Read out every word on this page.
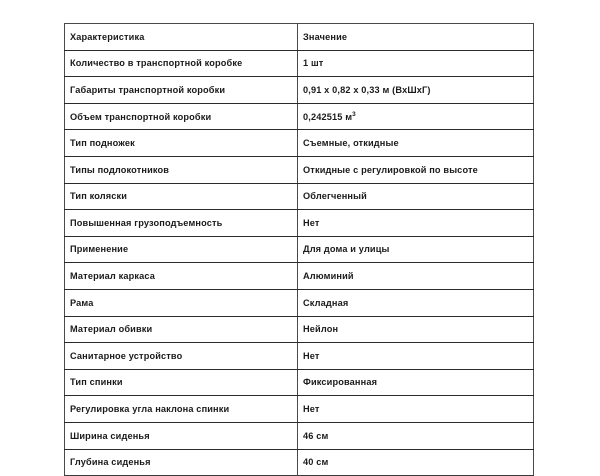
Характеристика	Значение
Количество в транспортной коробке	1 шт
Габариты транспортной коробки	0,91 x 0,82 x 0,33 м (ВxШxГ)
Объем транспортной коробки	0,242515 $м^3$
Тип подножек	Съемные, откидные
Типы подлокотников	Откидные с регулировкой по высоте
Тип коляски	Облегченный
Повышенная грузоподъемность	Нет
Применение	Для дома и улицы
Материал каркаса	Алюминий
Рама	Складная
Материал обивки	Нейлон
Санитарное устройство	Нет
Тип спинки	Фиксированная
Регулировка угла наклона спинки	Нет
Ширина сиденья	46 см
Глубина сиденья	40 см
